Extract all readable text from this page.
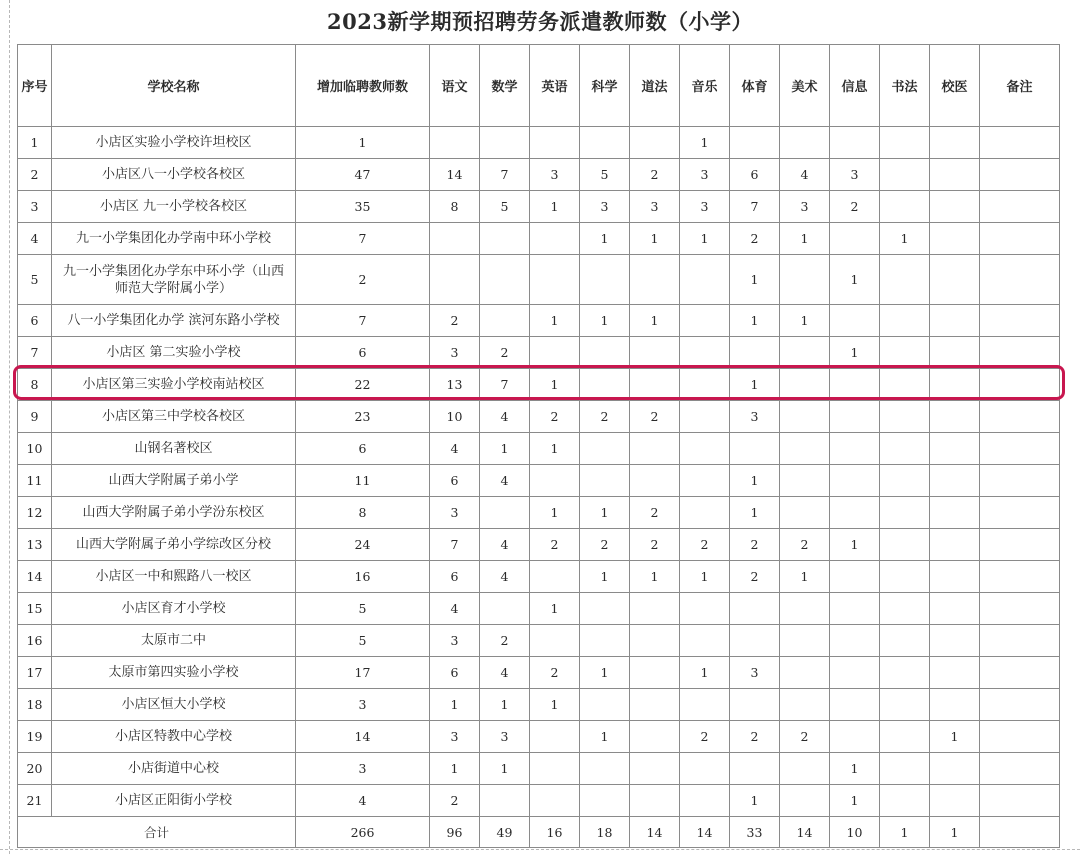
2023新学期预招聘劳务派遣教师数（小学）
序号	学校名称	增加临聘教师数	语文	数学	英语	科学	道法	音乐	体育	美术	信息	书法	校医	备注
1	小店区实验小学校许坦校区	1						1						
2	小店区八一小学校各校区	47	14	7	3	5	2	3	6	4	3			
3	小店区 九一小学校各校区	35	8	5	1	3	3	3	7	3	2			
4	九一小学集团化办学南中环小学校	7				1	1	1	2	1		1		
5	九一小学集团化办学东中环小学（山西师范大学附属小学）	2							1		1			
6	八一小学集团化办学 滨河东路小学校	7	2		1	1	1		1	1				
7	小店区 第二实验小学校	6	3	2							1			
8	小店区第三实验小学校南站校区	22	13	7	1				1					
9	小店区第三中学校各校区	23	10	4	2	2	2		3					
10	山钢名著校区	6	4	1	1									
11	山西大学附属子弟小学	11	6	4					1					
12	山西大学附属子弟小学汾东校区	8	3		1	1	2		1					
13	山西大学附属子弟小学综改区分校	24	7	4	2	2	2	2	2	2	1			
14	小店区一中和熙路八一校区	16	6	4		1	1	1	2	1				
15	小店区育才小学校	5	4		1									
16	太原市二中	5	3	2										
17	太原市第四实验小学校	17	6	4	2	1		1	3					
18	小店区恒大小学校	3	1	1	1									
19	小店区特教中心学校	14	3	3		1		2	2	2			1	
20	小店街道中心校	3	1	1							1			
21	小店区正阳街小学校	4	2						1		1			
合计		266	96	49	16	18	14	14	33	14	10	1	1	
